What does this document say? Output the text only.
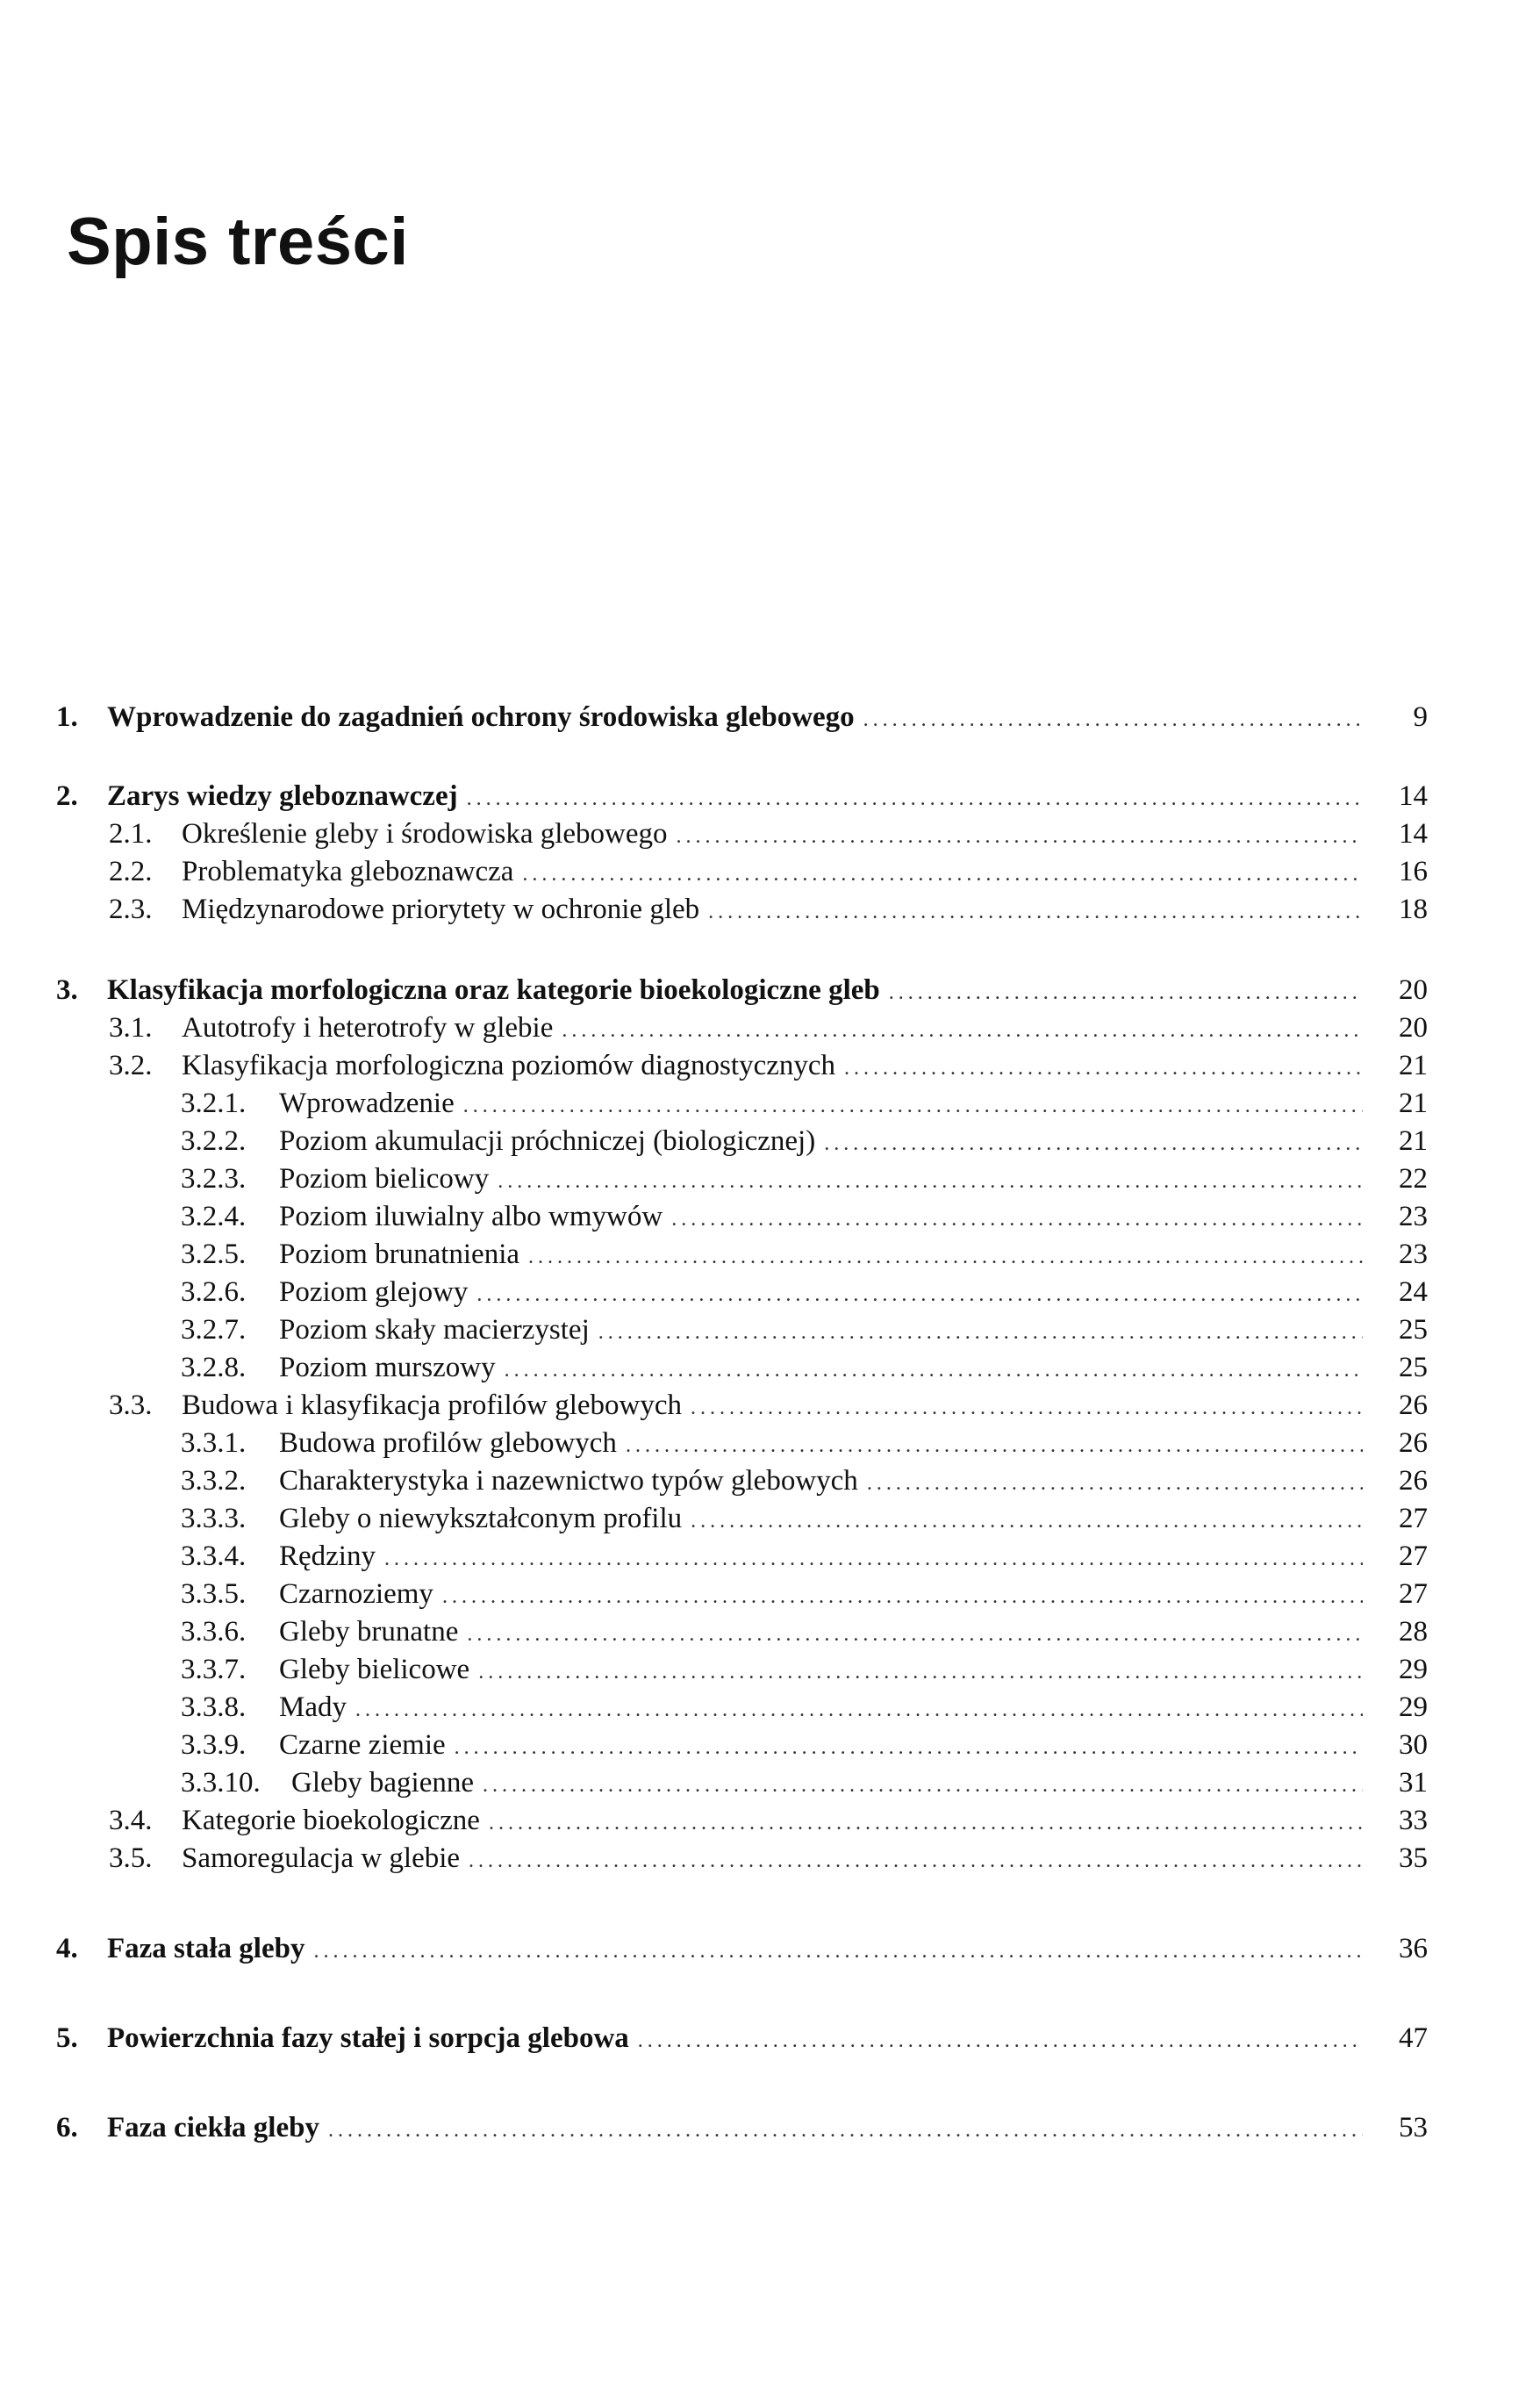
Spis treści
1.	Wprowadzenie do zagadnień ochrony środowiska glebowego .....	9
2.	Zarys wiedzy gleboznawczej .....	14
2.1.	Określenie gleby i środowiska glebowego .....	14
2.2.	Problematyka gleboznawcza .....	16
2.3.	Międzynarodowe priorytety w ochronie gleb .....	18
3.	Klasyfikacja morfologiczna oraz kategorie bioekologiczne gleb .....	20
3.1.	Autotrofy i heterotrofy w glebie .....	20
3.2.	Klasyfikacja morfologiczna poziomów diagnostycznych .....	21
3.2.1.	Wprowadzenie .....	21
3.2.2.	Poziom akumulacji próchniczej (biologicznej) .....	21
3.2.3.	Poziom bielicowy .....	22
3.2.4.	Poziom iluwialny albo wmywów .....	23
3.2.5.	Poziom brunatnienia .....	23
3.2.6.	Poziom glejowy .....	24
3.2.7.	Poziom skały macierzystej .....	25
3.2.8.	Poziom murszowy .....	25
3.3.	Budowa i klasyfikacja profilów glebowych .....	26
3.3.1.	Budowa profilów glebowych .....	26
3.3.2.	Charakterystyka i nazewnictwo typów glebowych .....	26
3.3.3.	Gleby o niewykształconym profilu .....	27
3.3.4.	Rędziny .....	27
3.3.5.	Czarnoziemy .....	27
3.3.6.	Gleby brunatne .....	28
3.3.7.	Gleby bielicowe .....	29
3.3.8.	Mady .....	29
3.3.9.	Czarne ziemie .....	30
3.3.10.	Gleby bagienne .....	31
3.4.	Kategorie bioekologiczne .....	33
3.5.	Samoregulacja w glebie .....	35
4.	Faza stała gleby .....	36
5.	Powierzchnia fazy stałej i sorpcja glebowa .....	47
6.	Faza ciekła gleby .....	53
